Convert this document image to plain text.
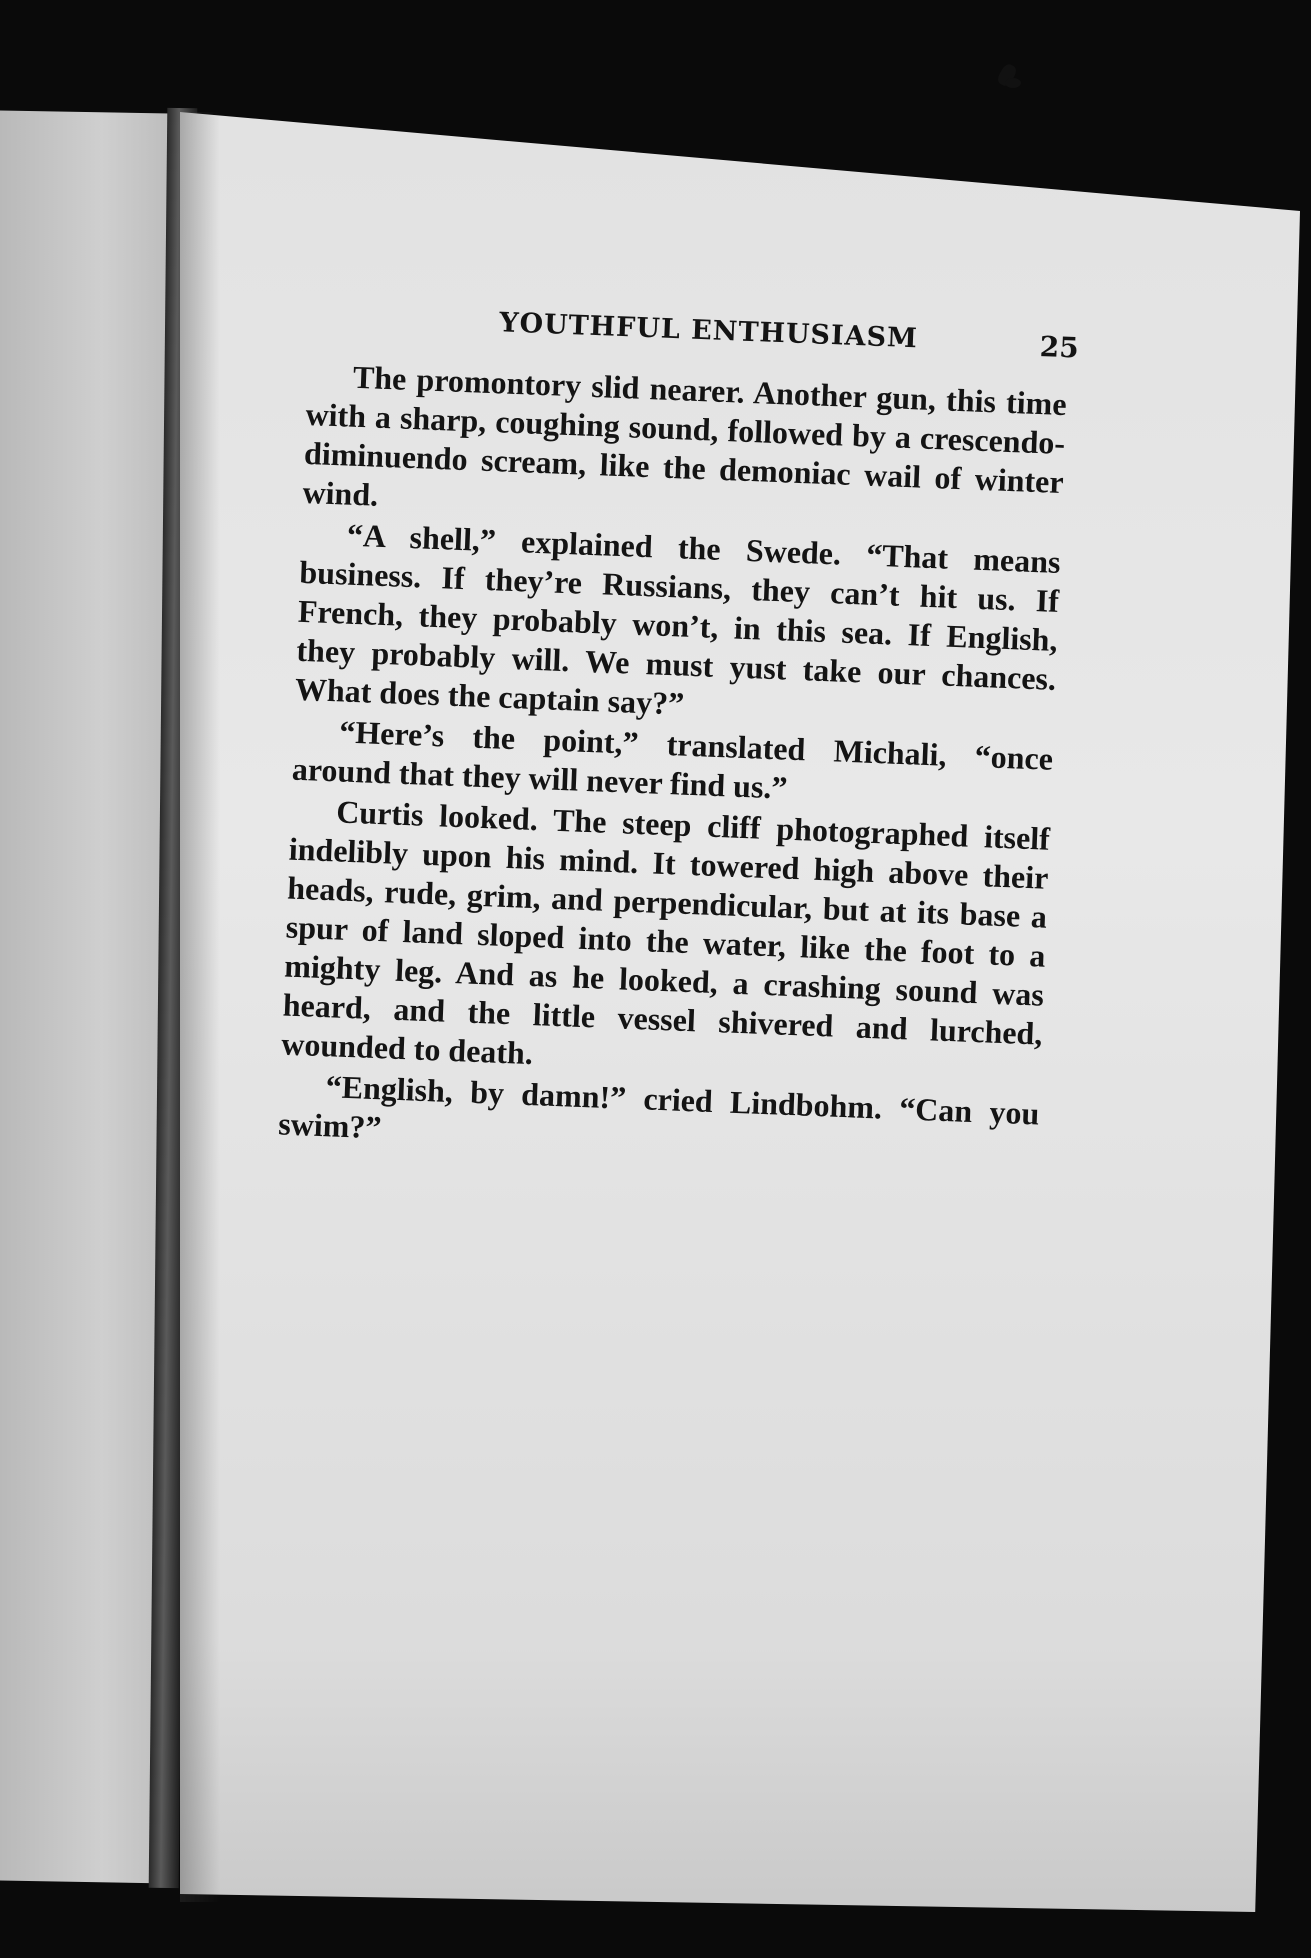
YOUTHFUL ENTHUSIASM	25

The promontory slid nearer. Another gun, this time with a sharp, coughing sound, followed by a crescendo-diminuendo scream, like the demoniac wail of winter wind.

“A shell,” explained the Swede. “That means business. If they’re Russians, they can’t hit us. If French, they probably won’t, in this sea. If English, they probably will. We must yust take our chances. What does the captain say?”

“Here’s the point,” translated Michali, “once around that they will never find us.”

Curtis looked. The steep cliff photographed itself indelibly upon his mind. It towered high above their heads, rude, grim, and perpendicular, but at its base a spur of land sloped into the water, like the foot to a mighty leg. And as he looked, a crashing sound was heard, and the little vessel shivered and lurched, wounded to death.

“English, by damn!” cried Lindbohm. “Can you swim?”
